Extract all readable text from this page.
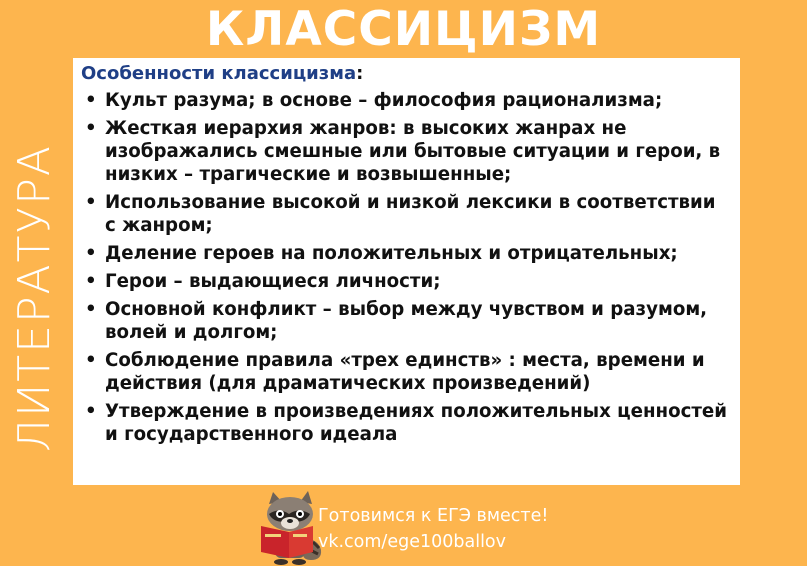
КЛАССИЦИЗМ
ЛИТЕРАТУРА
Особенности классицизма:
• Культ разума; в основе – философия рационализма;
• Жесткая иерархия жанров: в высоких жанрах не изображались смешные или бытовые ситуации и герои, в низких – трагические и возвышенные;
• Использование высокой и низкой лексики в соответствии с жанром;
• Деление героев на положительных и отрицательных;
• Герои – выдающиеся личности;
• Основной конфликт – выбор между чувством и разумом, волей и долгом;
• Соблюдение правила «трех единств» : места, времени и действия (для драматических произведений)
• Утверждение в произведениях положительных ценностей и государственного идеала
Готовимся к ЕГЭ вместе!
vk.com/ege100ballov
